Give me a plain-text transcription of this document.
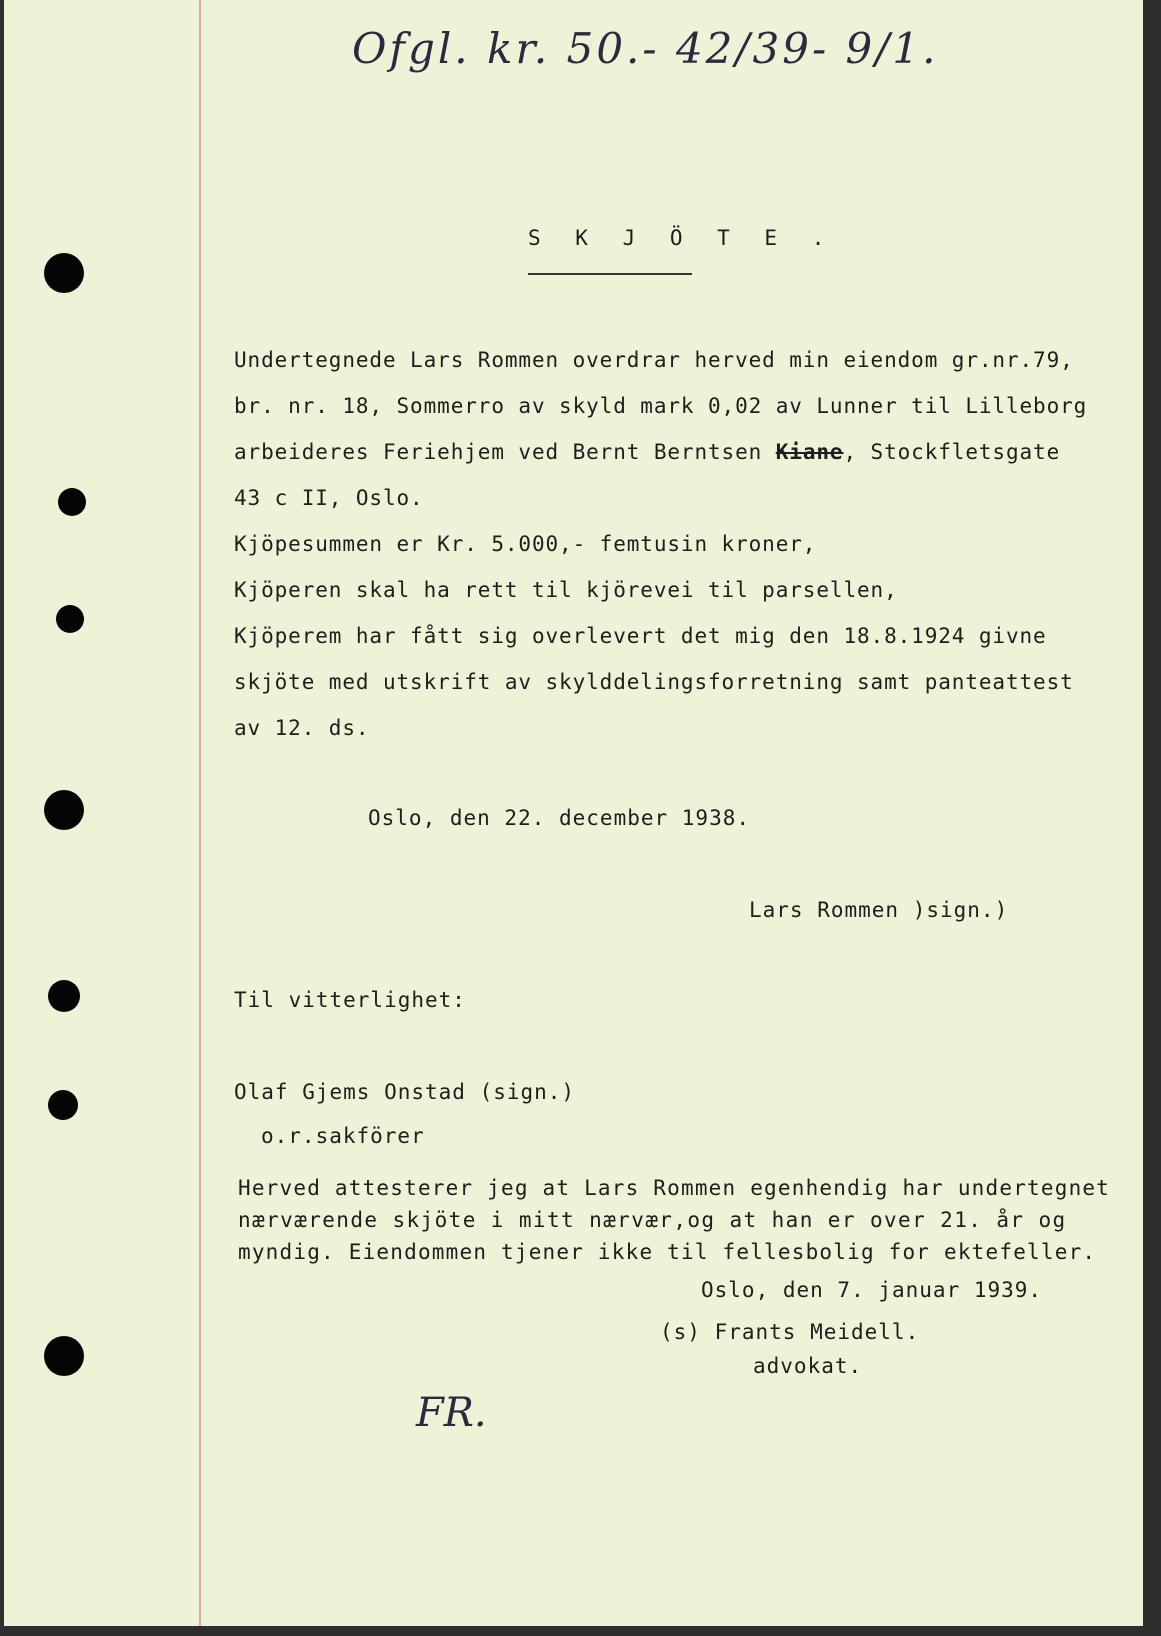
Ofgl. kr. 50.- 42/39- 9/1.
S K J Ö T E .
Undertegnede Lars Rommen overdrar herved min eiendom gr.nr.79,
br. nr. 18, Sommerro av skyld mark 0,02 av Lunner til Lilleborg
arbeideres Feriehjem ved Bernt Berntsen Kiane, Stockfletsgate
43 c II, Oslo.
Kjöpesummen er Kr. 5.000,- femtusin kroner,
Kjöperen skal ha rett til kjörevei til parsellen,
Kjöperem har fått sig overlevert det mig den 18.8.1924 givne
skjöte med utskrift av skylddelingsforretning samt panteattest
av 12. ds.
Oslo, den 22. december 1938.
Lars Rommen )sign.)
Til vitterlighet:
Olaf Gjems Onstad (sign.)
o.r.sakförer
Herved attesterer jeg at Lars Rommen egenhendig har undertegnet
nærværende skjöte i mitt nærvær,og at han er over 21. år og
myndig. Eiendommen tjener ikke til fellesbolig for ektefeller.
Oslo, den 7. januar 1939.
(s) Frants Meidell.
advokat.
FR.
